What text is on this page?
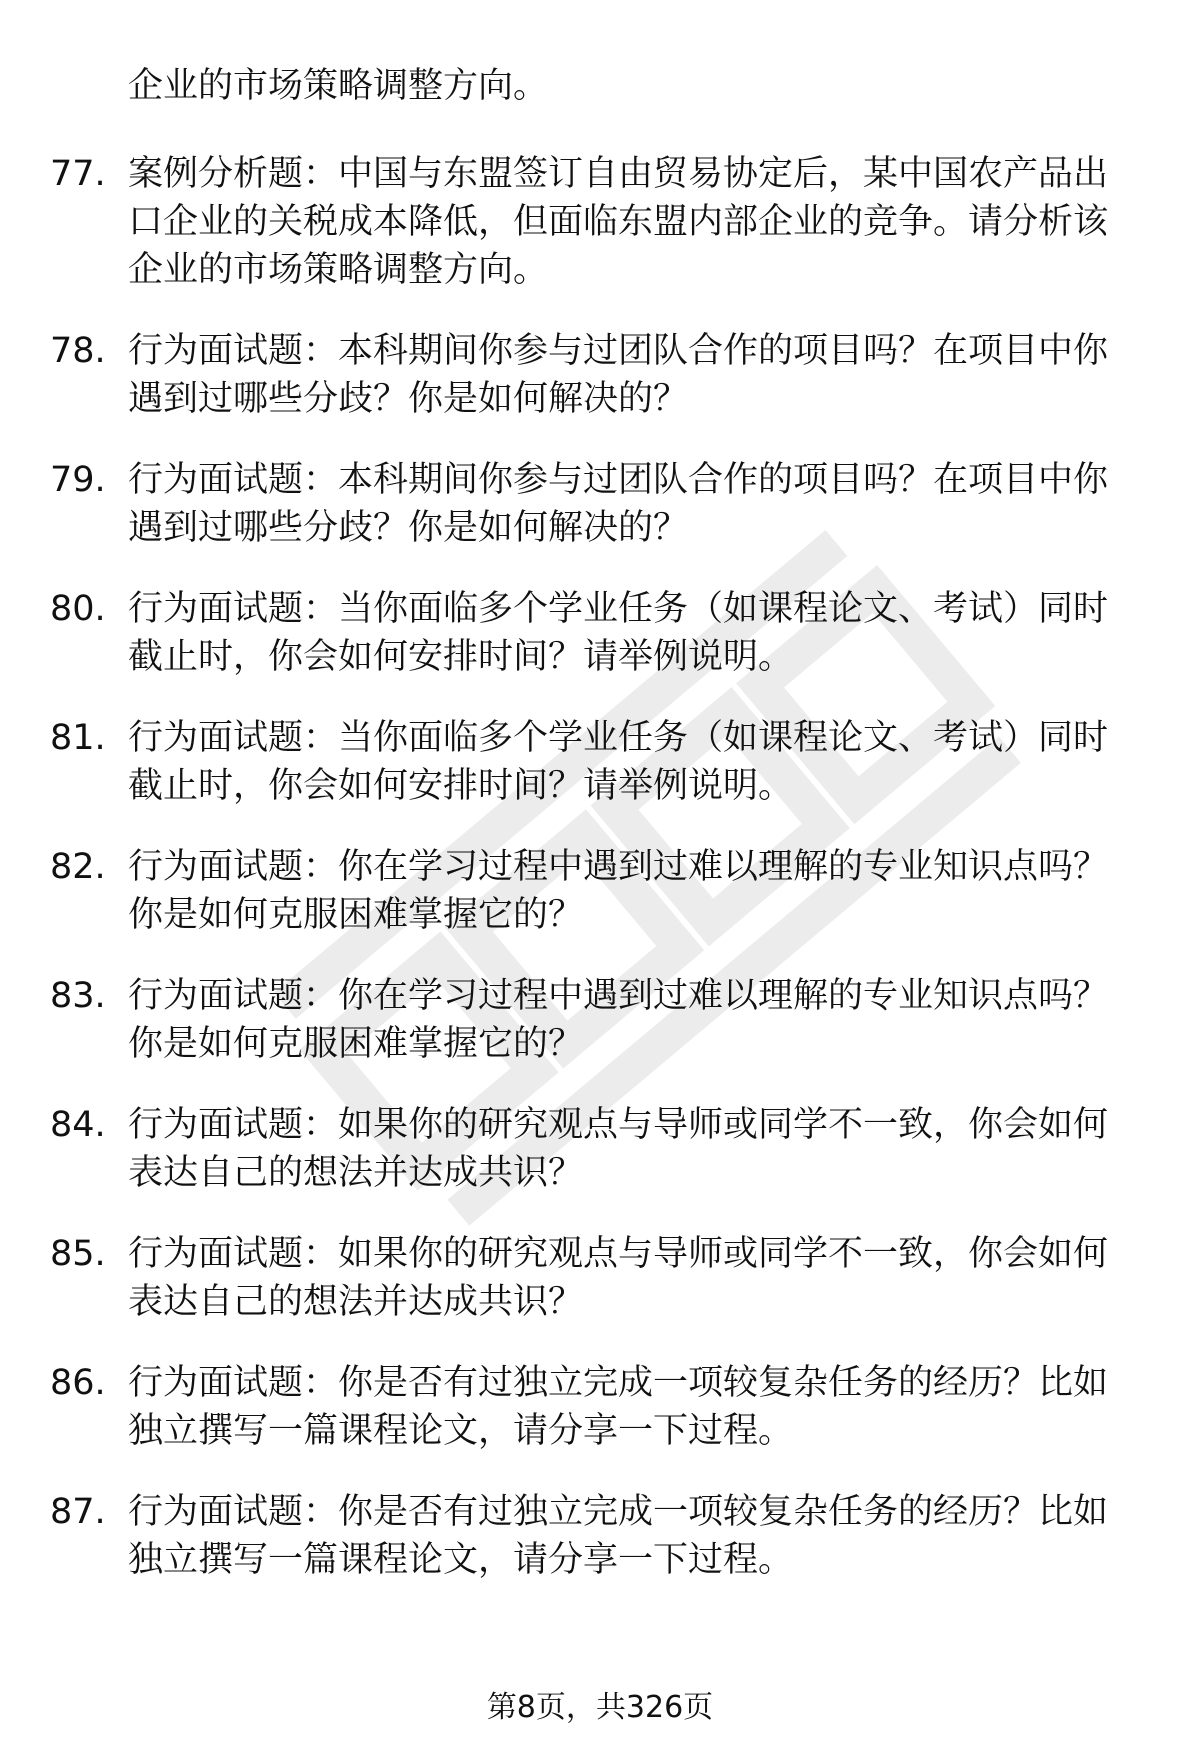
企业的市场策略调整方向。

77. 案例分析题：中国与东盟签订自由贸易协定后，某中国农产品出口企业的关税成本降低，但面临东盟内部企业的竞争。请分析该企业的市场策略调整方向。
78. 行为面试题：本科期间你参与过团队合作的项目吗？在项目中你遇到过哪些分歧？你是如何解决的？
79. 行为面试题：本科期间你参与过团队合作的项目吗？在项目中你遇到过哪些分歧？你是如何解决的？
80. 行为面试题：当你面临多个学业任务（如课程论文、考试）同时截止时，你会如何安排时间？请举例说明。
81. 行为面试题：当你面临多个学业任务（如课程论文、考试）同时截止时，你会如何安排时间？请举例说明。
82. 行为面试题：你在学习过程中遇到过难以理解的专业知识点吗？你是如何克服困难掌握它的？
83. 行为面试题：你在学习过程中遇到过难以理解的专业知识点吗？你是如何克服困难掌握它的？
84. 行为面试题：如果你的研究观点与导师或同学不一致，你会如何表达自己的想法并达成共识？
85. 行为面试题：如果你的研究观点与导师或同学不一致，你会如何表达自己的想法并达成共识？
86. 行为面试题：你是否有过独立完成一项较复杂任务的经历？比如独立撰写一篇课程论文，请分享一下过程。
87. 行为面试题：你是否有过独立完成一项较复杂任务的经历？比如独立撰写一篇课程论文，请分享一下过程。
第8页，共326页
